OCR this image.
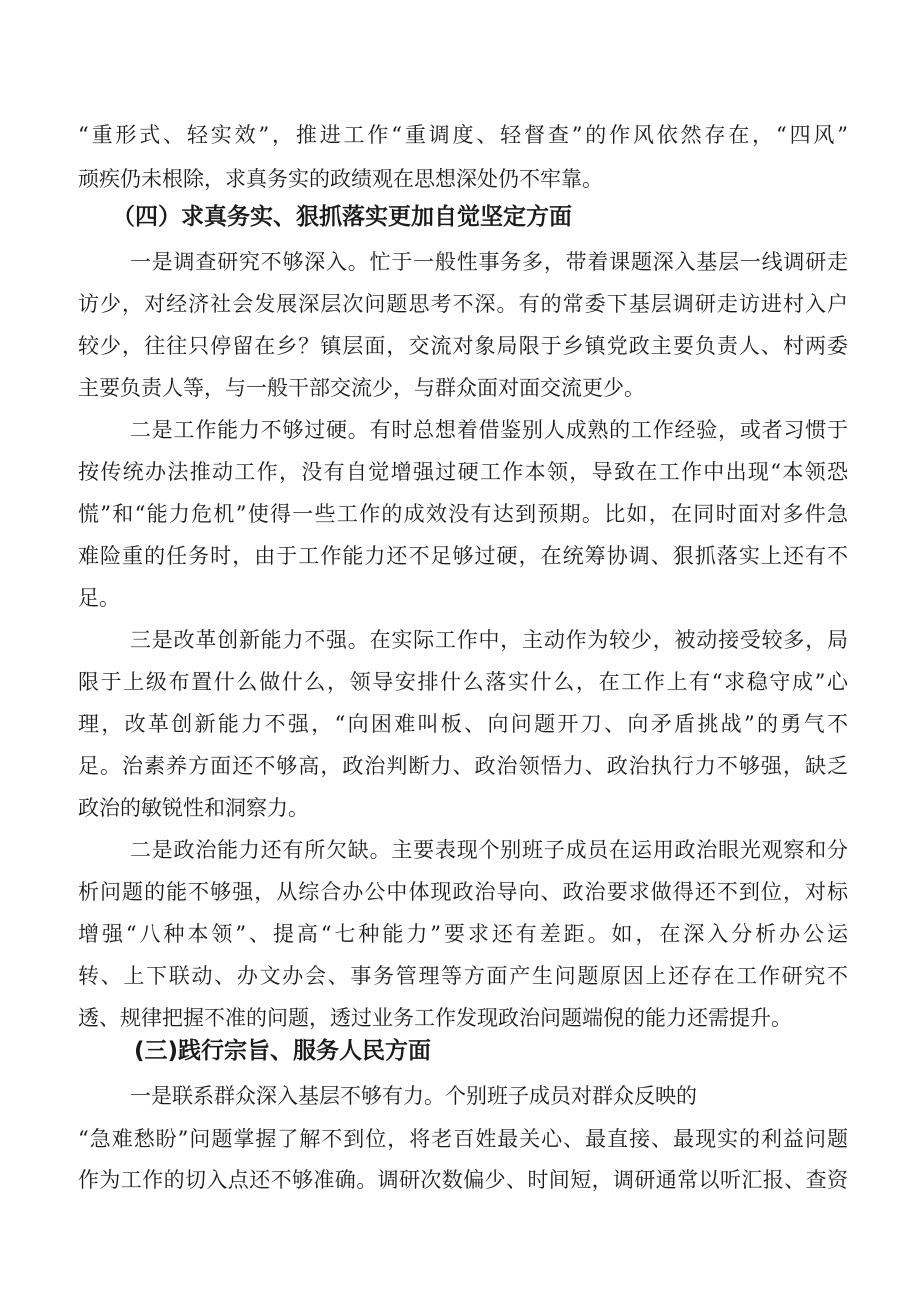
“重形式、轻实效”，推进工作“重调度、轻督查”的作风依然存在，“四风”
顽疾仍未根除，求真务实的政绩观在思想深处仍不牢靠。
（四）求真务实、狠抓落实更加自觉坚定方面
一是调查研究不够深入。忙于一般性事务多，带着课题深入基层一线调研走
访少，对经济社会发展深层次问题思考不深。有的常委下基层调研走访进村入户
较少，往往只停留在乡？镇层面，交流对象局限于乡镇党政主要负责人、村两委
主要负责人等，与一般干部交流少，与群众面对面交流更少。
二是工作能力不够过硬。有时总想着借鉴别人成熟的工作经验，或者习惯于
按传统办法推动工作，没有自觉增强过硬工作本领，导致在工作中出现“本领恐
慌”和“能力危机”使得一些工作的成效没有达到预期。比如，在同时面对多件急
难险重的任务时，由于工作能力还不足够过硬，在统筹协调、狠抓落实上还有不
足。
三是改革创新能力不强。在实际工作中，主动作为较少，被动接受较多，局
限于上级布置什么做什么，领导安排什么落实什么，在工作上有“求稳守成”心
理，改革创新能力不强，“向困难叫板、向问题开刀、向矛盾挑战”的勇气不
足。治素养方面还不够高，政治判断力、政治领悟力、政治执行力不够强，缺乏
政治的敏锐性和洞察力。
二是政治能力还有所欠缺。主要表现个别班子成员在运用政治眼光观察和分
析问题的能不够强，从综合办公中体现政治导向、政治要求做得还不到位，对标
增强“八种本领”、提高“七种能力”要求还有差距。如，在深入分析办公运
转、上下联动、办文办会、事务管理等方面产生问题原因上还存在工作研究不
透、规律把握不准的问题，透过业务工作发现政治问题端倪的能力还需提升。
(三)践行宗旨、服务人民方面
一是联系群众深入基层不够有力。个别班子成员对群众反映的
“急难愁盼”问题掌握了解不到位，将老百姓最关心、最直接、最现实的利益问题
作为工作的切入点还不够准确。调研次数偏少、时间短，调研通常以听汇报、查资
